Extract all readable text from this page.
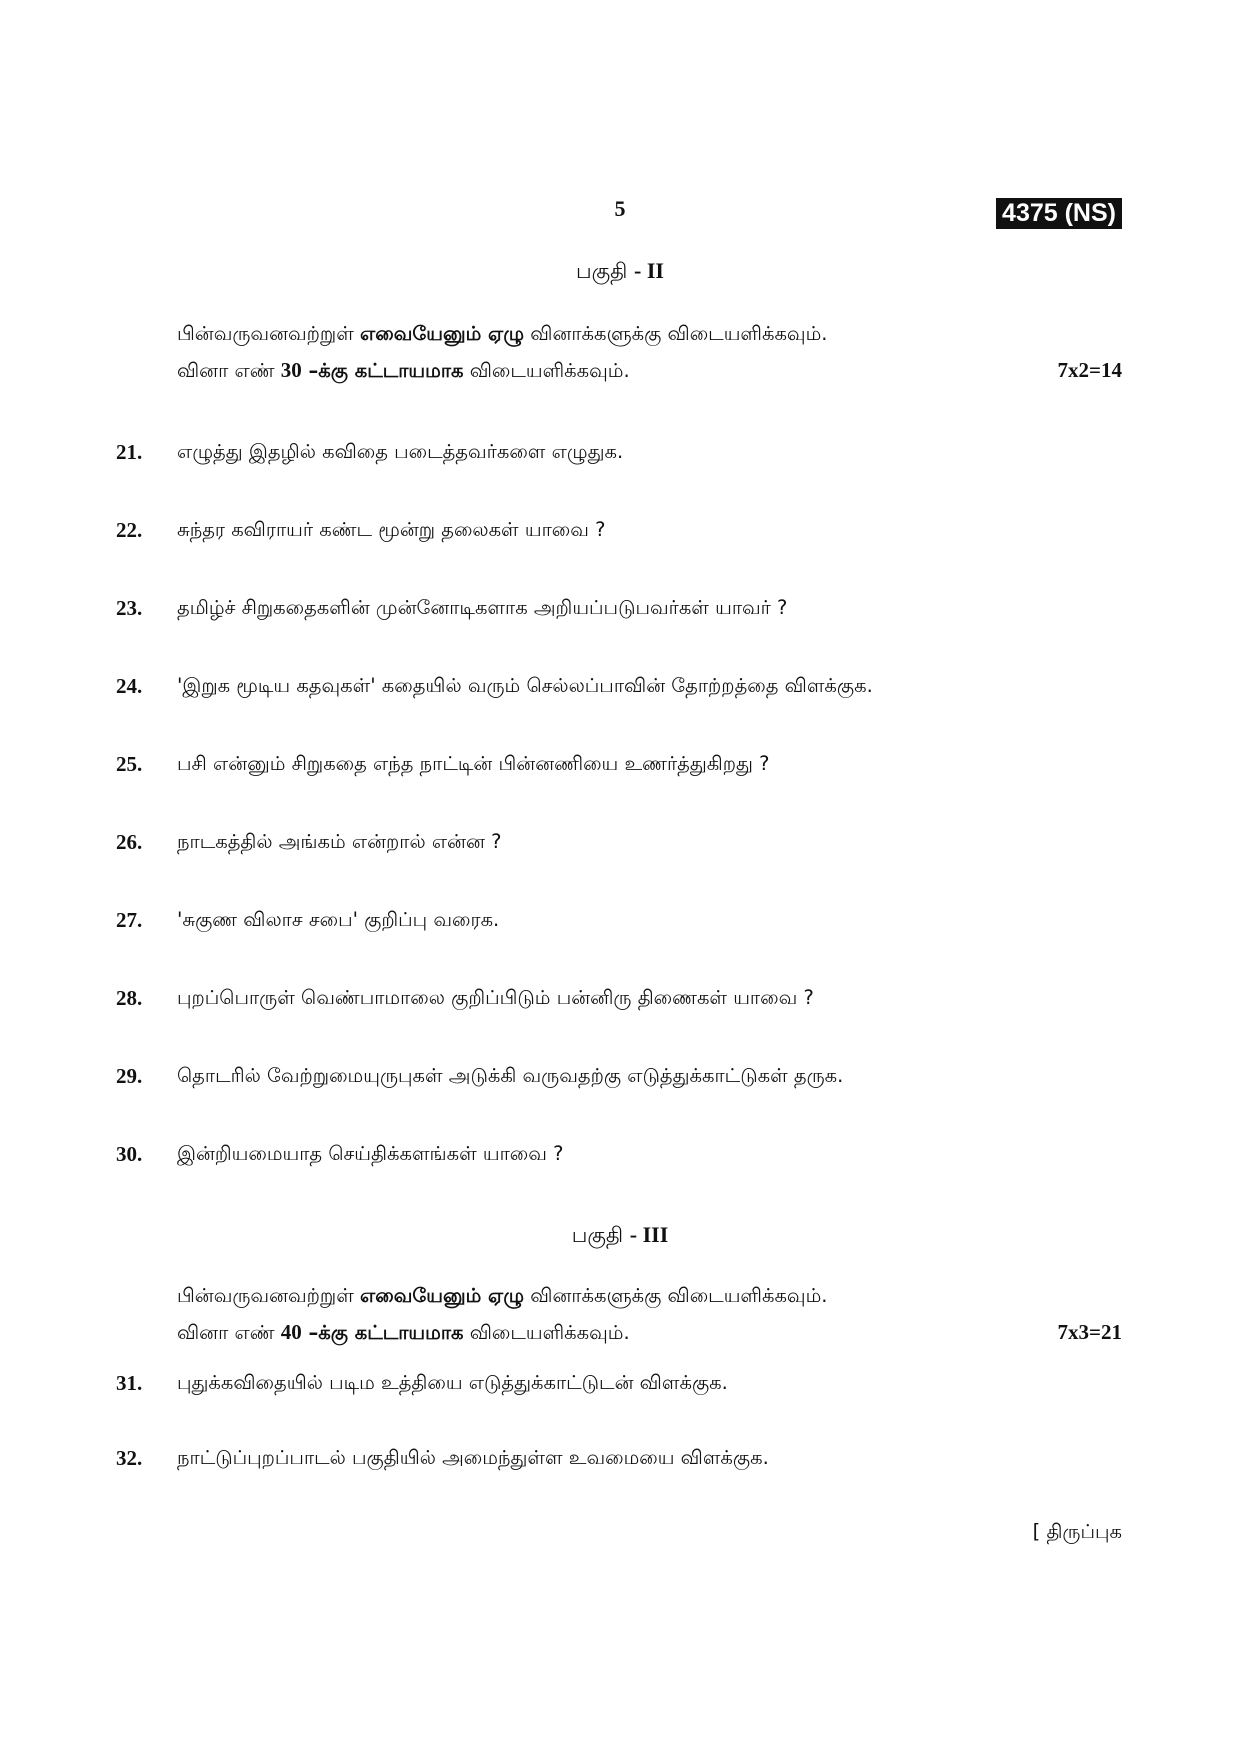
5	4375 (NS)
பகுதி - II
பின்வருவனவற்றுள் எவையேனும் ஏழு வினாக்களுக்கு விடையளிக்கவும்.
வினா எண் 30 –க்கு கட்டாயமாக விடையளிக்கவும்.	7x2=14
21.	எழுத்து இதழில் கவிதை படைத்தவர்களை எழுதுக.
22.	சுந்தர கவிராயர் கண்ட மூன்று தலைகள் யாவை ?
23.	தமிழ்ச் சிறுகதைகளின் முன்னோடிகளாக அறியப்படுபவர்கள் யாவர் ?
24.	'இறுக மூடிய கதவுகள்' கதையில் வரும் செல்லப்பாவின் தோற்றத்தை விளக்குக.
25.	பசி என்னும் சிறுகதை எந்த நாட்டின் பின்னணியை உணர்த்துகிறது ?
26.	நாடகத்தில் அங்கம் என்றால் என்ன ?
27.	'சுகுண விலாச சபை' குறிப்பு வரைக.
28.	புறப்பொருள் வெண்பாமாலை குறிப்பிடும் பன்னிரு திணைகள் யாவை ?
29.	தொடரில் வேற்றுமையுருபுகள் அடுக்கி வருவதற்கு எடுத்துக்காட்டுகள் தருக.
30.	இன்றியமையாத செய்திக்களங்கள் யாவை ?
பகுதி - III
பின்வருவனவற்றுள் எவையேனும் ஏழு வினாக்களுக்கு விடையளிக்கவும்.
வினா எண் 40 –க்கு கட்டாயமாக விடையளிக்கவும்.	7x3=21
31.	புதுக்கவிதையில் படிம உத்தியை எடுத்துக்காட்டுடன் விளக்குக.
32.	நாட்டுப்புறப்பாடல் பகுதியில் அமைந்துள்ள உவமையை விளக்குக.
[ திருப்புக
